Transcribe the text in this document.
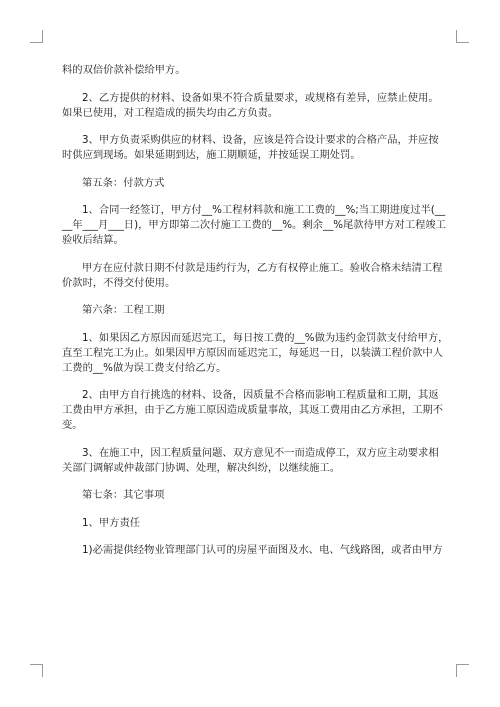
料的双倍价款补偿给甲方。
2、乙方提供的材料、设备如果不符合质量要求，或规格有差异，应禁止使用。
如果已使用，对工程造成的损失均由乙方负责。
3、甲方负责采购供应的材料、设备，应该是符合设计要求的合格产品，并应按
时供应到现场。如果延期到达，施工期顺延，并按延误工期处罚。
第五条：付款方式
1、合同一经签订，甲方付__%工程材料款和施工工费的__%;当工期进度过半(__
__年___月___日)，甲方即第二次付施工工费的__%。剩余__%尾款待甲方对工程竣工
验收后结算。
甲方在应付款日期不付款是违约行为，乙方有权停止施工。验收合格未结清工程
价款时，不得交付使用。
第六条：工程工期
1、如果因乙方原因而延迟完工，每日按工费的__%做为违约金罚款支付给甲方，
直至工程完工为止。如果因甲方原因而延迟完工，每延迟一日，以装潢工程价款中人
工费的__%做为误工费支付给乙方。
2、由甲方自行挑选的材料、设备，因质量不合格而影响工程质量和工期，其返
工费由甲方承担，由于乙方施工原因造成质量事故，其返工费用由乙方承担，工期不
变。
3、在施工中，因工程质量问题、双方意见不一而造成停工，双方应主动要求相
关部门调解或仲裁部门协调、处理，解决纠纷，以继续施工。
第七条：其它事项
1、甲方责任
1)必需提供经物业管理部门认可的房屋平面图及水、电、气线路图，或者由甲方
